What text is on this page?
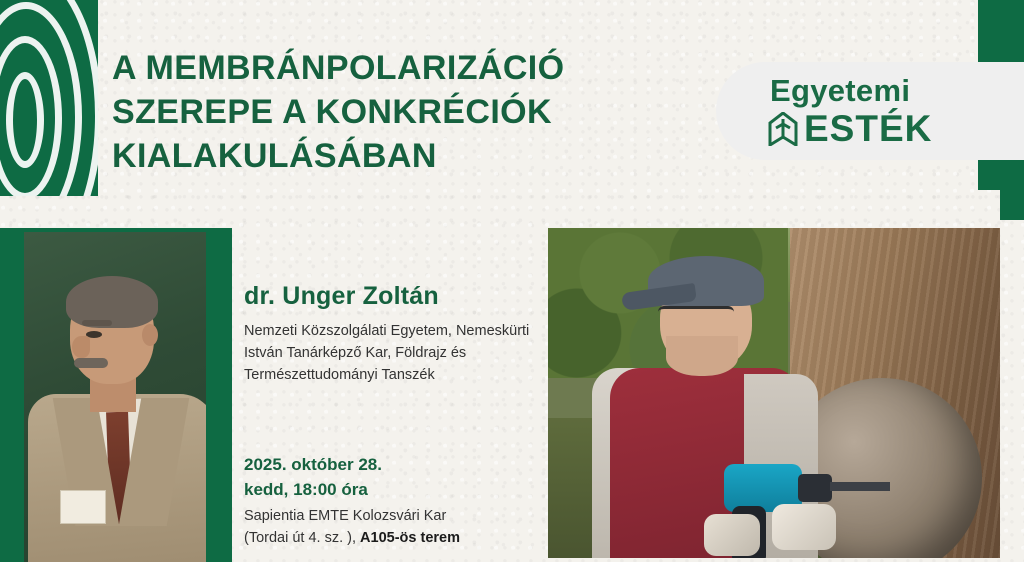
A MEMBRÁNPOLARIZÁCIÓ SZEREPE A KONKRÉCIÓK KIALAKULÁSÁBAN
Egyetemi
ESTÉK
dr. Unger Zoltán
Nemzeti Közszolgálati Egyetem, Nemeskürti István Tanárképző Kar, Földrajz és Természettudományi Tanszék
2025. október 28.
kedd, 18:00 óra
Sapientia EMTE Kolozsvári Kar
(Tordai út 4. sz. ), A105-ös terem
